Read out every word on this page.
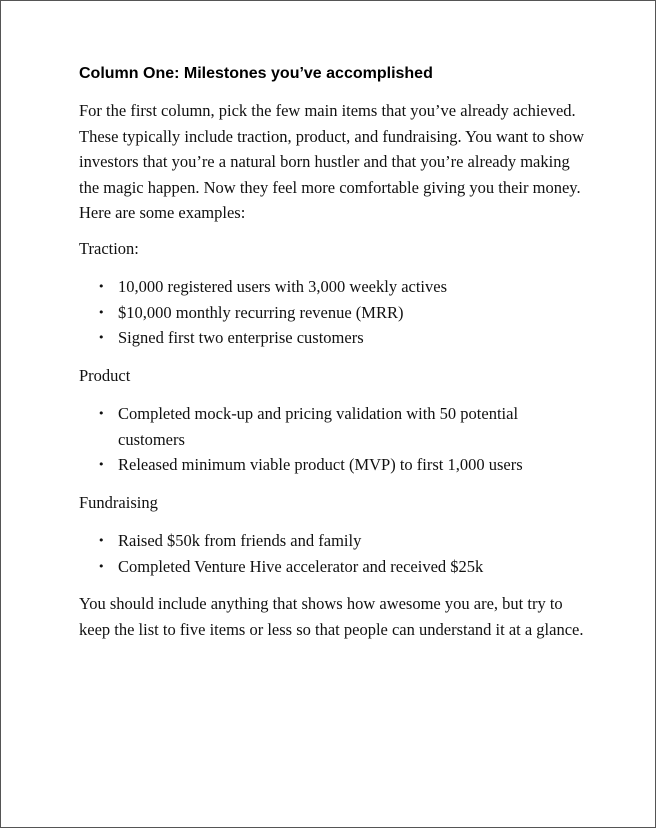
Column One: Milestones you’ve accomplished

For the first column, pick the few main items that you’ve already achieved. These typically include traction, product, and fundraising. You want to show investors that you’re a natural born hustler and that you’re already making the magic happen. Now they feel more comfortable giving you their money. Here are some examples:

Traction:

• 10,000 registered users with 3,000 weekly actives
• $10,000 monthly recurring revenue (MRR)
• Signed first two enterprise customers

Product

• Completed mock-up and pricing validation with 50 potential customers
• Released minimum viable product (MVP) to first 1,000 users

Fundraising

• Raised $50k from friends and family
• Completed Venture Hive accelerator and received $25k

You should include anything that shows how awesome you are, but try to keep the list to five items or less so that people can understand it at a glance.
